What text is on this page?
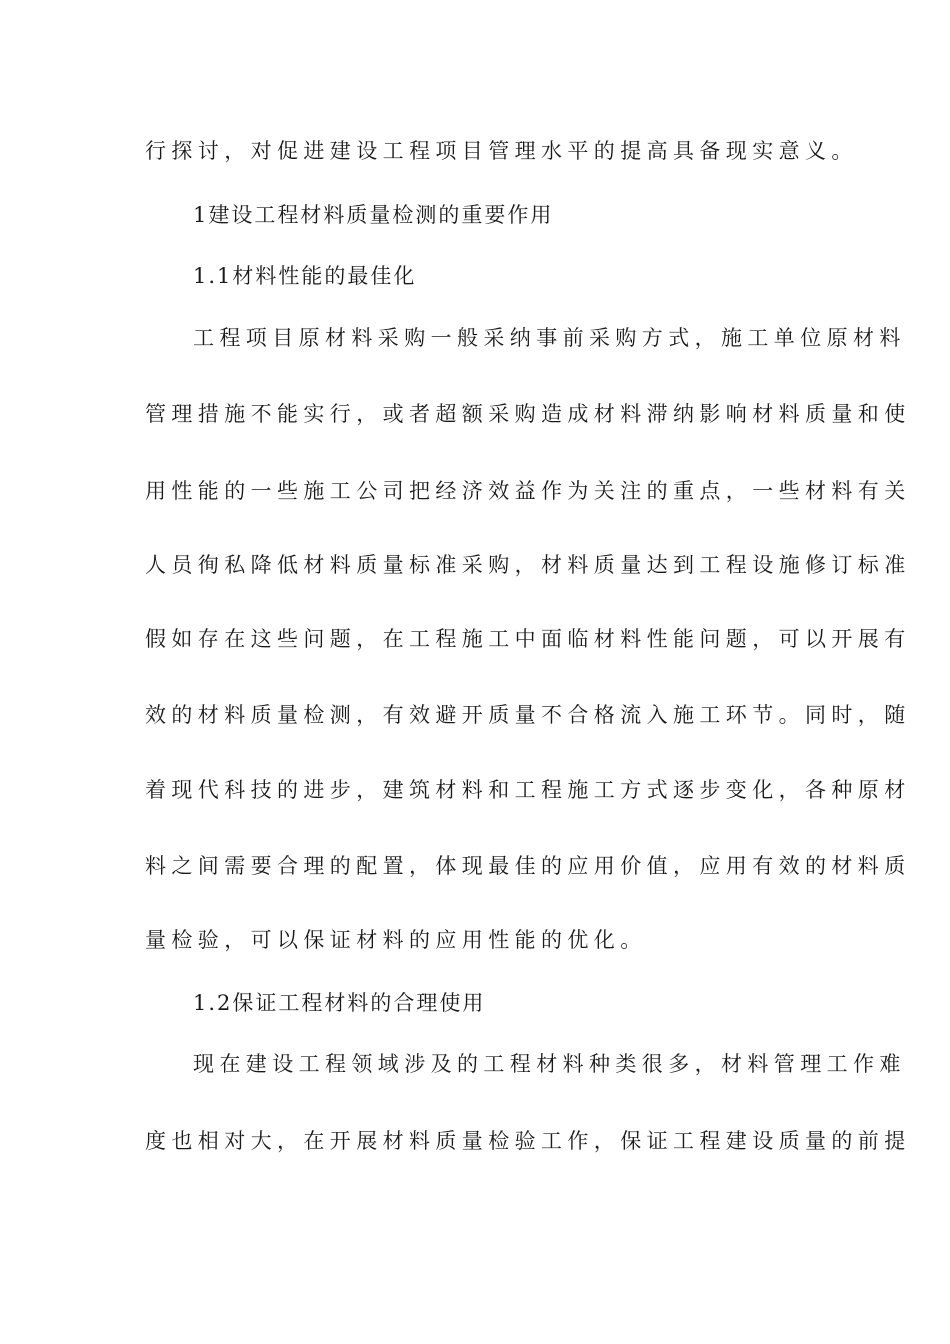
行探讨，对促进建设工程项目管理水平的提高具备现实意义。
1建设工程材料质量检测的重要作用
1.1材料性能的最佳化
工程项目原材料采购一般采纳事前采购方式，施工单位原材料
管理措施不能实行，或者超额采购造成材料滞纳影响材料质量和使
用性能的一些施工公司把经济效益作为关注的重点，一些材料有关
人员徇私降低材料质量标准采购，材料质量达到工程设施修订标准
假如存在这些问题，在工程施工中面临材料性能问题，可以开展有
效的材料质量检测，有效避开质量不合格流入施工环节。同时，随
着现代科技的进步，建筑材料和工程施工方式逐步变化，各种原材
料之间需要合理的配置，体现最佳的应用价值，应用有效的材料质
量检验，可以保证材料的应用性能的优化。
1.2保证工程材料的合理使用
现在建设工程领域涉及的工程材料种类很多，材料管理工作难
度也相对大，在开展材料质量检验工作，保证工程建设质量的前提
